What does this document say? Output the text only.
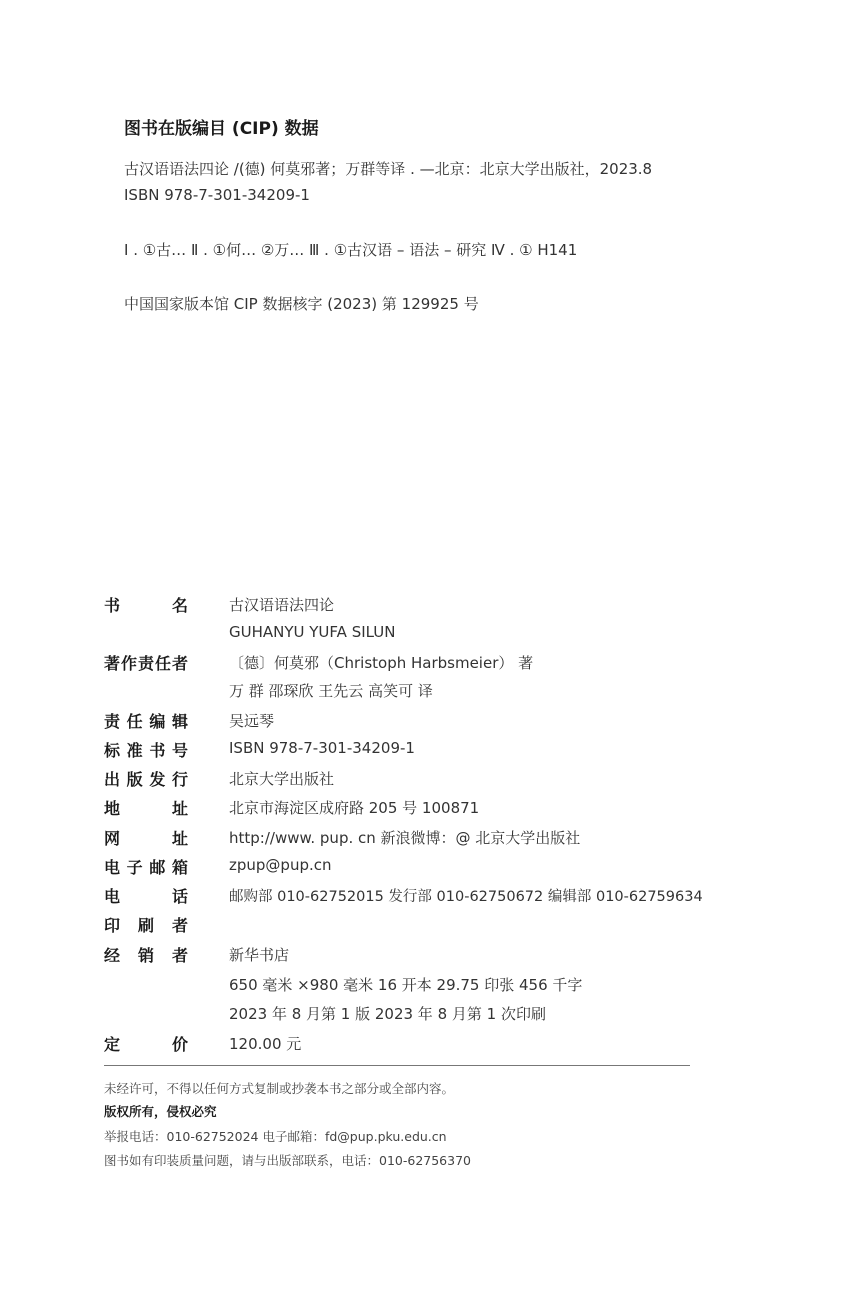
图书在版编目 (CIP) 数据
古汉语语法四论 /(德) 何莫邪著；万群等译 . —北京：北京大学出版社，2023.8
ISBN 978-7-301-34209-1
Ⅰ . ①古… Ⅱ . ①何… ②万… Ⅲ . ①古汉语 – 语法 – 研究 Ⅳ . ① H141
中国国家版本馆 CIP 数据核字 (2023) 第 129925 号
书名	古汉语语法四论
GUHANYU YUFA SILUN
著作责任者	〔德〕何莫邪（Christoph Harbsmeier） 著
万 群 邵琛欣 王先云 高笑可 译
责任编辑	吴远琴
标准书号	ISBN 978-7-301-34209-1
出版发行	北京大学出版社
地址	北京市海淀区成府路 205 号 100871
网址	http://www. pup. cn 新浪微博：@ 北京大学出版社
电子邮箱	zpup@pup.cn
电话	邮购部 010-62752015 发行部 010-62750672 编辑部 010-62759634
印刷者
经销者	新华书店
650 毫米 ×980 毫米 16 开本 29.75 印张 456 千字
2023 年 8 月第 1 版 2023 年 8 月第 1 次印刷
定价	120.00 元
未经许可，不得以任何方式复制或抄袭本书之部分或全部内容。
版权所有，侵权必究
举报电话：010-62752024 电子邮箱：fd@pup.pku.edu.cn
图书如有印装质量问题，请与出版部联系，电话：010-62756370
